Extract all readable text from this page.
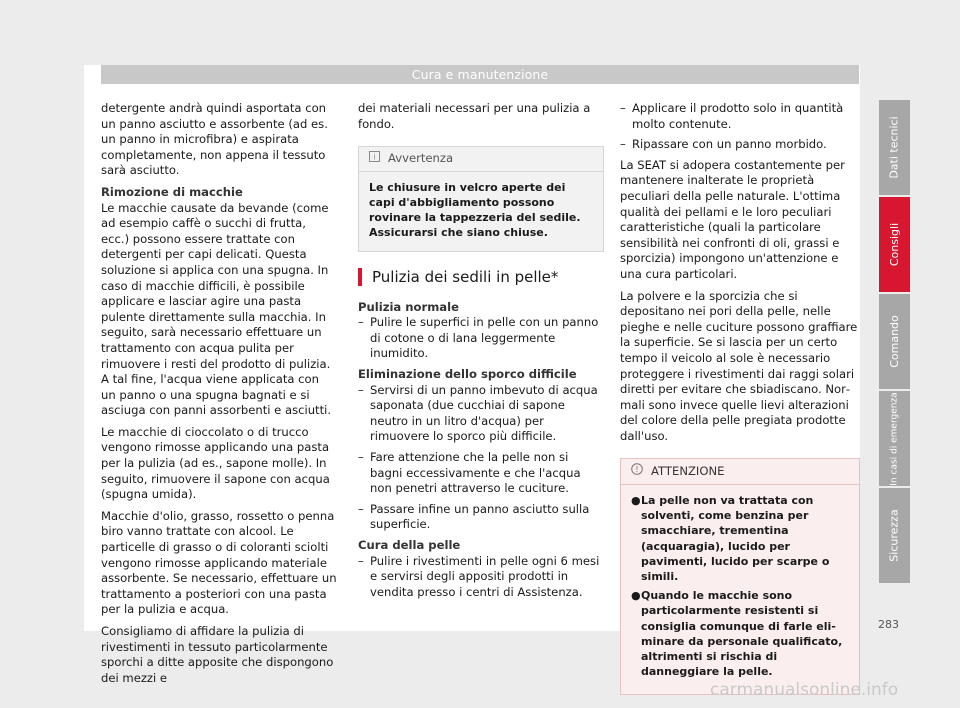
Cura e manutenzione

detergente andrà quindi asportata con un panno asciutto e assorbente (ad es. un panno in microfibra) e aspirata completamente, non appena il tessuto sarà asciutto.

Rimozione di macchie

Le macchie causate da bevande (come ad esempio caffè o succhi di frutta, ecc.) possono essere trattate con detergenti per capi delicati. Questa soluzione si applica con una spugna. In caso di macchie difficili, è possibile applicare e lasciar agire una pasta pulente direttamente sulla macchia. In seguito, sarà necessario effettuare un trattamento con acqua pulita per rimuovere i resti del prodotto di pulizia. A tal fine, l'acqua viene applicata con un panno o una spugna bagnati e si asciuga con panni assorbenti e asciutti.

Le macchie di cioccolato o di trucco vengono rimosse applicando una pasta per la pulizia (ad es., sapone molle). In seguito, rimuovere il sapone con acqua (spugna umida).

Macchie d'olio, grasso, rossetto o penna biro vanno trattate con alcool. Le particelle di grasso o di coloranti sciolti vengono rimosse applicando materiale assorbente. Se necessario, effettuare un trattamento a posteriori con una pasta per la pulizia e acqua.

Consigliamo di affidare la pulizia di rivestimenti in tessuto particolarmente sporchi a ditte apposite che dispongono dei mezzi e

dei materiali necessari per una pulizia a fondo.

i Avvertenza
Le chiusure in velcro aperte dei capi d'abbigliamento possono rovinare la tappezzeria del sedile. Assicurarsi che siano chiuse.
Pulizia dei sedili in pelle*

Pulizia normale

– Pulire le superfici in pelle con un panno di cotone o di lana leggermente inumidito.

Eliminazione dello sporco difficile

– Servirsi di un panno imbevuto di acqua saponata (due cucchiai di sapone neutro in un litro d'acqua) per rimuovere lo sporco più difficile.
– Fare attenzione che la pelle non si bagni eccessivamente e che l'acqua non penetri attraverso le cuciture.
– Passare infine un panno asciutto sulla superficie.

Cura della pelle

– Pulire i rivestimenti in pelle ogni 6 mesi e servirsi degli appositi prodotti in vendita presso i centri di Assistenza.
– Applicare il prodotto solo in quantità molto contenute.
– Ripassare con un panno morbido.

La SEAT si adopera costantemente per mantenere inalterate le proprietà peculiari della pelle naturale. L'ottima qualità dei pellami e le loro peculiari caratteristiche (quali la particolare sensibilità nei confronti di oli, grassi e sporcizia) impongono un'attenzione e una cura particolari.

La polvere e la sporcizia che si depositano nei pori della pelle, nelle pieghe e nelle cuciture possono graffiare la superficie. Se si lascia per un certo tempo il veicolo al sole è necessario proteggere i rivestimenti dai raggi solari diretti per evitare che sbiadiscano. Normali sono invece quelle lievi alterazioni del colore della pelle pregiata prodotte dall'uso.

! ATTENZIONE
● La pelle non va trattata con solventi, come benzina per smacchiare, trementina (acquaragia), lucido per pavimenti, lucido per scarpe o simili.
● Quando le macchie sono particolarmente resistenti si consiglia comunque di farle eliminare da personale qualificato, altrimenti si rischia di danneggiare la pelle.
Dati tecnici
Consigli
Comando
In casi di emergenza
Sicurezza
283
carmanualsonline.info
